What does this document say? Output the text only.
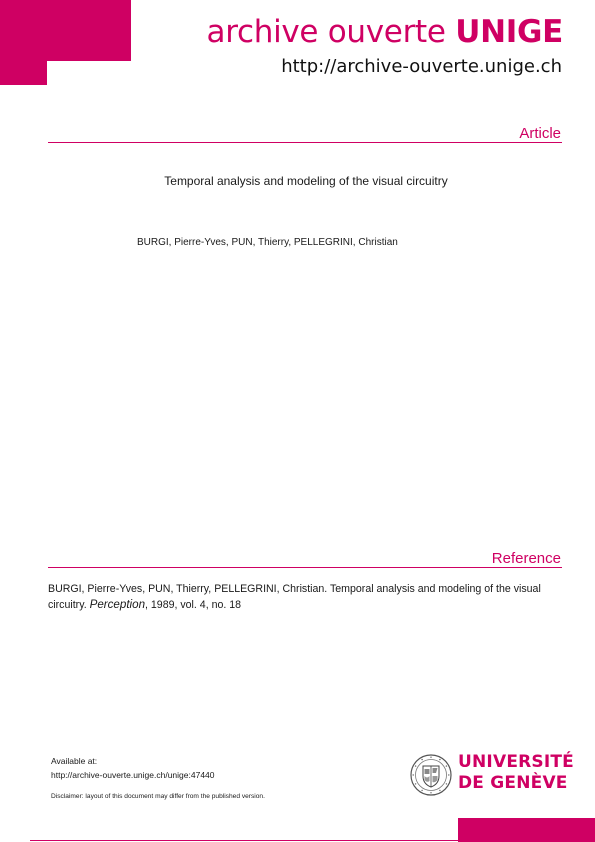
archive ouverte UNIGE
http://archive-ouverte.unige.ch
Article
Temporal analysis and modeling of the visual circuitry
BURGI, Pierre-Yves, PUN, Thierry, PELLEGRINI, Christian
Reference
BURGI, Pierre-Yves, PUN, Thierry, PELLEGRINI, Christian. Temporal analysis and modeling of the visual circuitry. Perception, 1989, vol. 4, no. 18
Available at:
http://archive-ouverte.unige.ch/unige:47440
Disclaimer: layout of this document may differ from the published version.
UNIVERSITÉ
DE GENÈVE
